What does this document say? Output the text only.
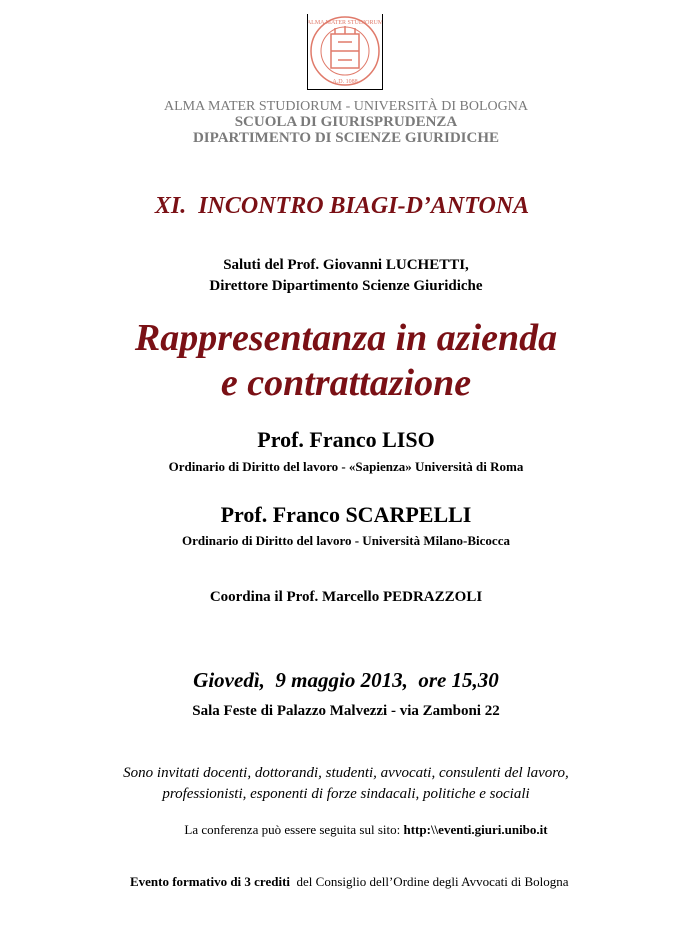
ALMA MATER STUDIORUM
A.D. 1088
ALMA MATER STUDIORUM - UNIVERSITÀ DI BOLOGNA
SCUOLA DI GIURISPRUDENZA
DIPARTIMENTO DI SCIENZE GIURIDICHE
XI.  INCONTRO BIAGI-D’ANTONA
Saluti del Prof. Giovanni LUCHETTI,
Direttore Dipartimento Scienze Giuridiche
Rappresentanza in azienda
e contrattazione
Prof. Franco LISO
Ordinario di Diritto del lavoro - «Sapienza» Università di Roma
Prof. Franco SCARPELLI
Ordinario di Diritto del lavoro - Università Milano-Bicocca
Coordina il Prof. Marcello PEDRAZZOLI
Giovedì,  9 maggio 2013,  ore 15,30
Sala Feste di Palazzo Malvezzi - via Zamboni 22
Sono invitati docenti, dottorandi, studenti, avvocati, consulenti del lavoro,
professionisti, esponenti di forze sindacali, politiche e sociali
La conferenza può essere seguita sul sito: http:\\eventi.giuri.unibo.it

Evento formativo di 3 crediti  del Consiglio dell’Ordine degli Avvocati di Bologna
